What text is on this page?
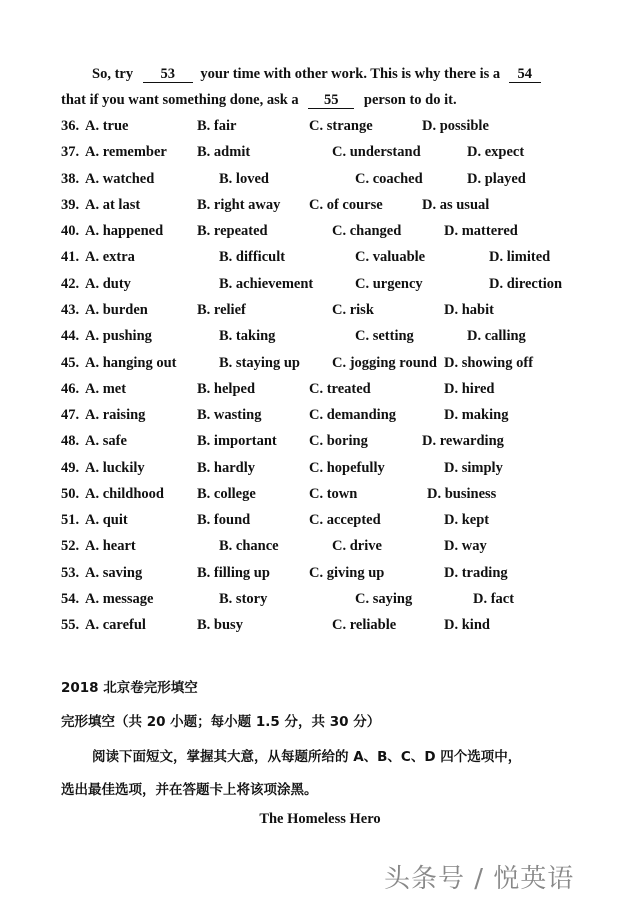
So, try 53 your time with other work. This is why there is a 54
that if you want something done, ask a 55 person to do it.
36. A. true	B. fair	C. strange	D. possible
37. A. remember B. admit	C. understand	D. expect
38. A. watched	B. loved	C. coached	D. played
39. A. at last	B. right away C. of course	D. as usual
40. A. happened B. repeated	C. changed	D. mattered
41. A. extra	B. difficult	C. valuable	D. limited
42. A. duty	B. achievement	C. urgency	D. direction
43. A. burden	B. relief	C. risk	D. habit
44. A. pushing	B. taking	C. setting	D. calling
45. A. hanging out	B. staying up C. jogging round D. showing off
46. A. met	B. helped	C. treated	D. hired
47. A. raising	B. wasting	C. demanding	D. making
48. A. safe	B. important C. boring	D. rewarding
49. A. luckily	B. hardly	C. hopefully	D. simply
50. A. childhood B. college	C. town	D. business
51. A. quit	B. found	C. accepted	D. kept
52. A. heart	B. chance	C. drive	D. way
53. A. saving	B. filling up	C. giving up	D. trading
54. A. message	B. story	C. saying	D. fact
55. A. careful	B. busy	C. reliable	D. kind
2018 北京卷完形填空
完形填空（共 20 小题；每小题 1.5 分，共 30 分）
阅读下面短文，掌握其大意，从每题所给的 A、B、C、D 四个选项中，
选出最佳选项，并在答题卡上将该项涂黑。
The Homeless Hero
头条号 / 悦英语
